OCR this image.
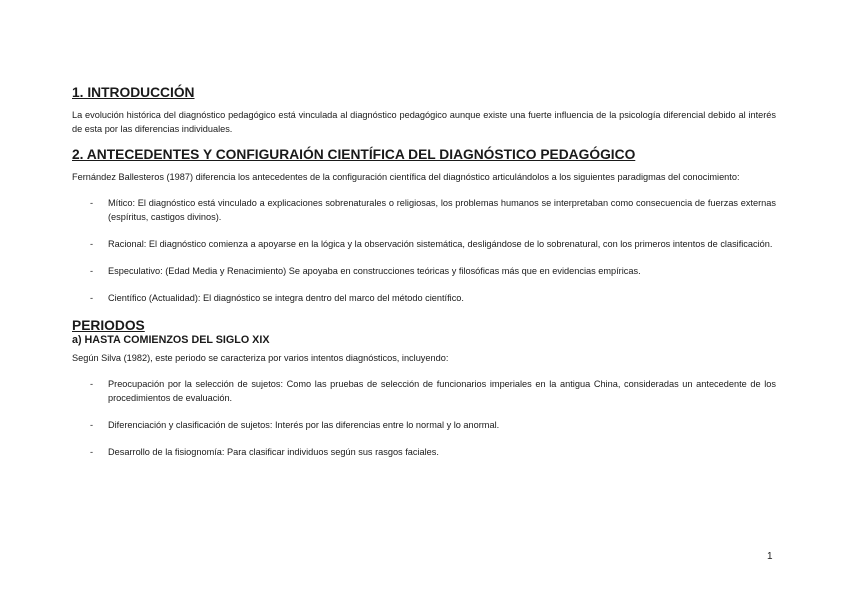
1. INTRODUCCIÓN

La evolución histórica del diagnóstico pedagógico está vinculada al diagnóstico pedagógico aunque existe una fuerte influencia de la psicología diferencial debido al interés de esta por las diferencias individuales.

2. ANTECEDENTES Y CONFIGURAIÓN CIENTÍFICA DEL DIAGNÓSTICO PEDAGÓGICO

Fernández Ballesteros (1987) diferencia los antecedentes de la configuración científica del diagnóstico articulándolos a los siguientes paradigmas del conocimiento:

- Mítico: El diagnóstico está vinculado a explicaciones sobrenaturales o religiosas, los problemas humanos se interpretaban como consecuencia de fuerzas externas (espíritus, castigos divinos).
- Racional: El diagnóstico comienza a apoyarse en la lógica y la observación sistemática, desligándose de lo sobrenatural, con los primeros intentos de clasificación.
- Especulativo: (Edad Media y Renacimiento) Se apoyaba en construcciones teóricas y filosóficas más que en evidencias empíricas.
- Científico (Actualidad): El diagnóstico se integra dentro del marco del método científico.
PERIODOS
a) HASTA COMIENZOS DEL SIGLO XIX

Según Silva (1982), este periodo se caracteriza por varios intentos diagnósticos, incluyendo:

- Preocupación por la selección de sujetos: Como las pruebas de selección de funcionarios imperiales en la antigua China, consideradas un antecedente de los procedimientos de evaluación.
- Diferenciación y clasificación de sujetos: Interés por las diferencias entre lo normal y lo anormal.
- Desarrollo de la fisiognomía: Para clasificar individuos según sus rasgos faciales.
1
